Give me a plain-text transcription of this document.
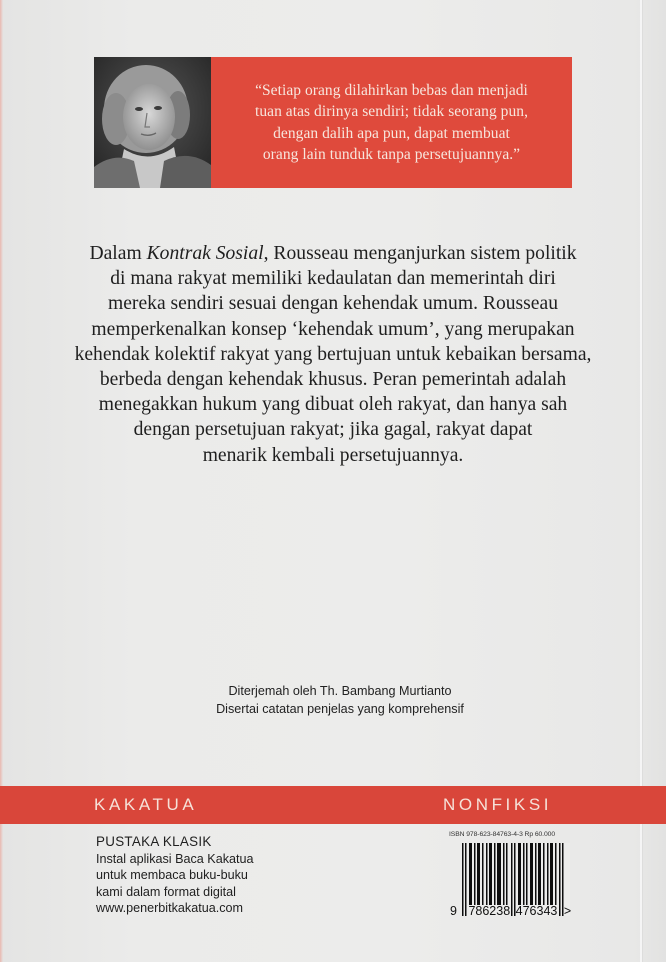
“Setiap orang dilahirkan bebas dan menjadi
tuan atas dirinya sendiri; tidak seorang pun,
dengan dalih apa pun, dapat membuat
orang lain tunduk tanpa persetujuannya.”
Dalam Kontrak Sosial, Rousseau menganjurkan sistem politik
di mana rakyat memiliki kedaulatan dan memerintah diri
mereka sendiri sesuai dengan kehendak umum. Rousseau
memperkenalkan konsep ‘kehendak umum’, yang merupakan
kehendak kolektif rakyat yang bertujuan untuk kebaikan bersama,
berbeda dengan kehendak khusus. Peran pemerintah adalah
menegakkan hukum yang dibuat oleh rakyat, dan hanya sah
dengan persetujuan rakyat; jika gagal, rakyat dapat
menarik kembali persetujuannya.
Diterjemah oleh Th. Bambang Murtianto
Disertai catatan penjelas yang komprehensif
KAKATUA	NONFIKSI
PUSTAKA KLASIK
Instal aplikasi Baca Kakatua
untuk membaca buku-buku
kami dalam format digital
www.penerbitkakatua.com
ISBN 978-623-84763-4-3 Rp 60.000
9 786238 476343 >
